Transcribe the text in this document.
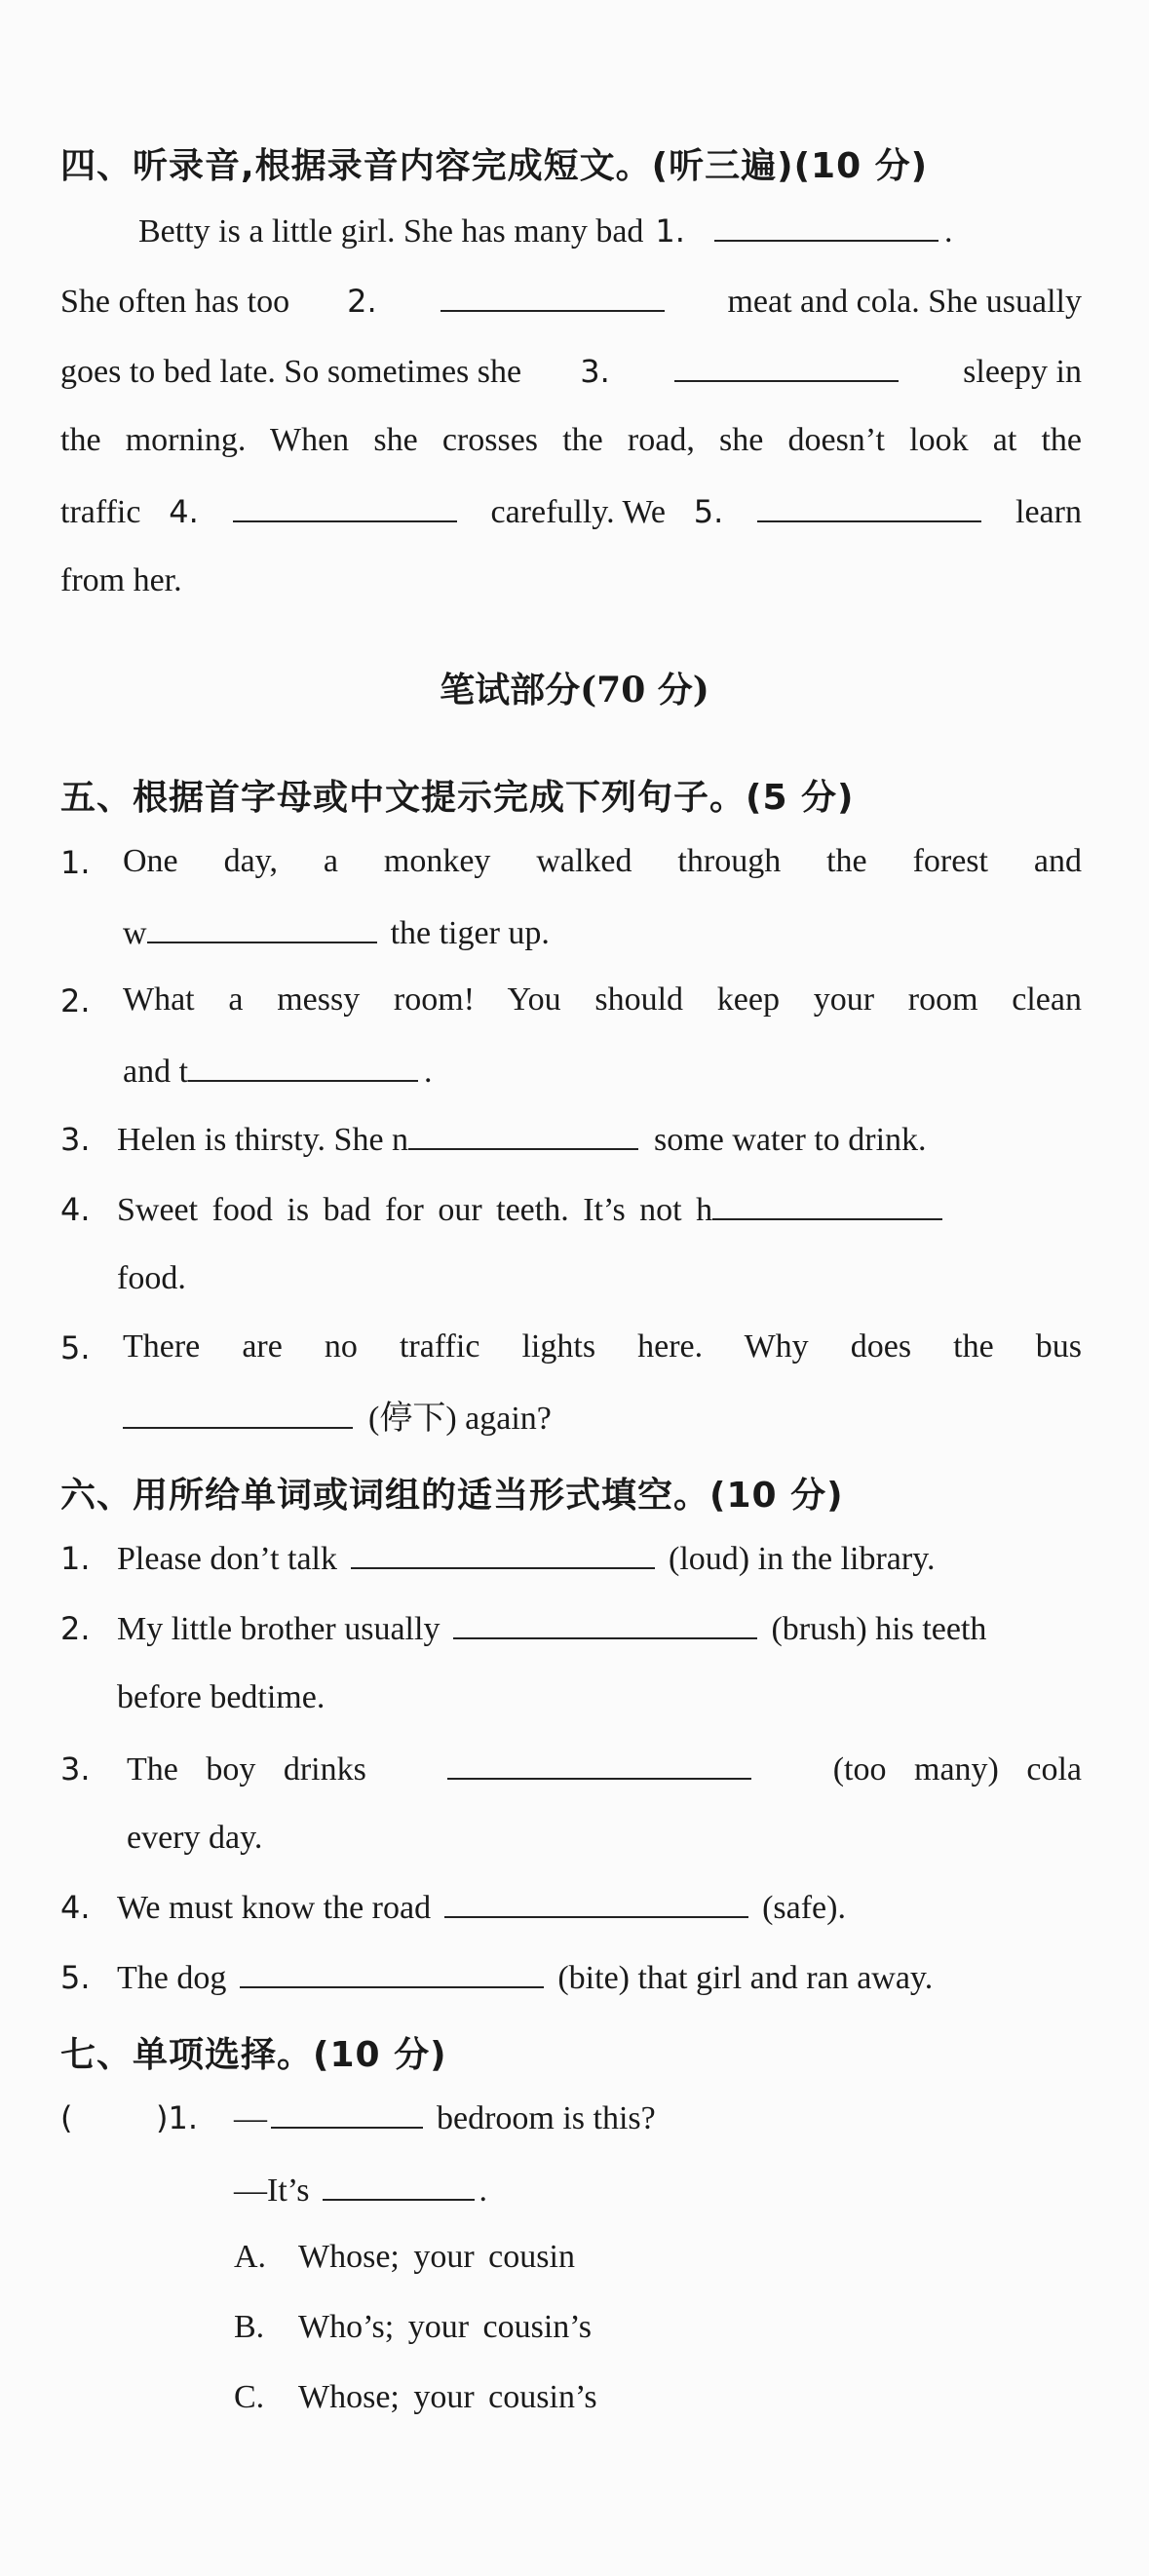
四、听录音,根据录音内容完成短文。(听三遍)(10 分)
Betty is a little girl. She has many bad 1.	.
She often has too 2.	meat and cola. She usually
goes to bed late. So sometimes she 3.	sleepy in
the morning. When she crosses the road, she doesn’t look at the
traffic 4.	carefully. We 5.	learn
from her.
笔试部分(70 分)
五、根据首字母或中文提示完成下列句子。(5 分)
1. One day, a monkey walked through the forest and
w	the tiger up.
2. What a messy room! You should keep your room clean
and t	.
3. Helen is thirsty. She n	some water to drink.
4. Sweet food is bad for our teeth. It’s not h
food.
5. There are no traffic lights here. Why does the bus
(停下) again?
六、用所给单词或词组的适当形式填空。(10 分)
1. Please don’t talk	(loud) in the library.
2. My little brother usually	(brush) his teeth
before bedtime.
3. The boy drinks	(too many) cola
every day.
4. We must know the road	(safe).
5. The dog	(bite) that girl and ran away.
七、单项选择。(10 分)
(	)1. —	bedroom is this?
—It’s	.
A. Whose; your cousin
B.	Who’s; your cousin’s
C.	Whose; your cousin’s
